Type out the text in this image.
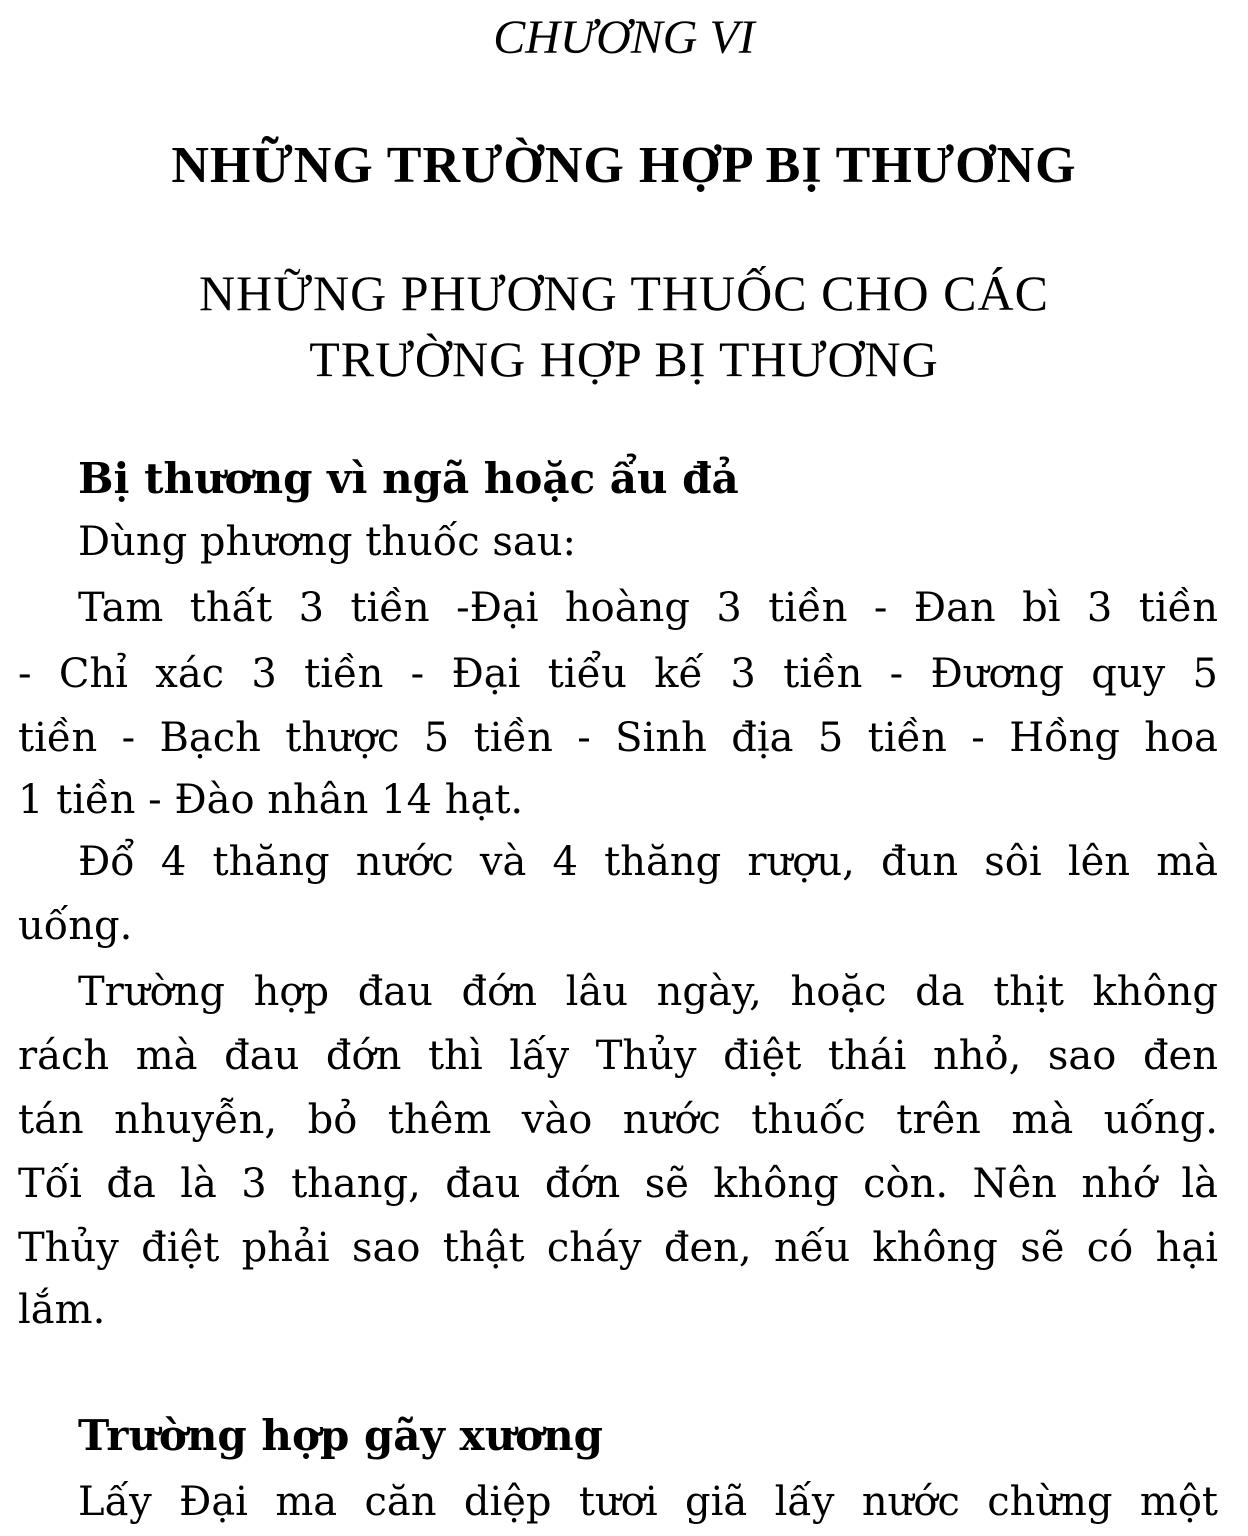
CHƯƠNG VI
NHỮNG TRƯỜNG HỢP BỊ THƯƠNG
NHỮNG PHƯƠNG THUỐC CHO CÁC
TRƯỜNG HỢP BỊ THƯƠNG
Bị thương vì ngã hoặc ẩu đả
Dùng phương thuốc sau:
Tam thất 3 tiền -Đại hoàng 3 tiền - Đan bì 3 tiền
- Chỉ xác 3 tiền - Đại tiểu kế 3 tiền - Đương quy 5
tiền - Bạch thược 5 tiền - Sinh địa 5 tiền - Hồng hoa
1 tiền - Đào nhân 14 hạt.
Đổ 4 thăng nước và 4 thăng rượu, đun sôi lên mà
uống.
Trường hợp đau đớn lâu ngày, hoặc da thịt không
rách mà đau đớn thì lấy Thủy điệt thái nhỏ, sao đen
tán nhuyễn, bỏ thêm vào nước thuốc trên mà uống.
Tối đa là 3 thang, đau đớn sẽ không còn. Nên nhớ là
Thủy điệt phải sao thật cháy đen, nếu không sẽ có hại
lắm.
Trường hợp gãy xương
Lấy Đại ma căn diệp tươi giã lấy nước chừng một
